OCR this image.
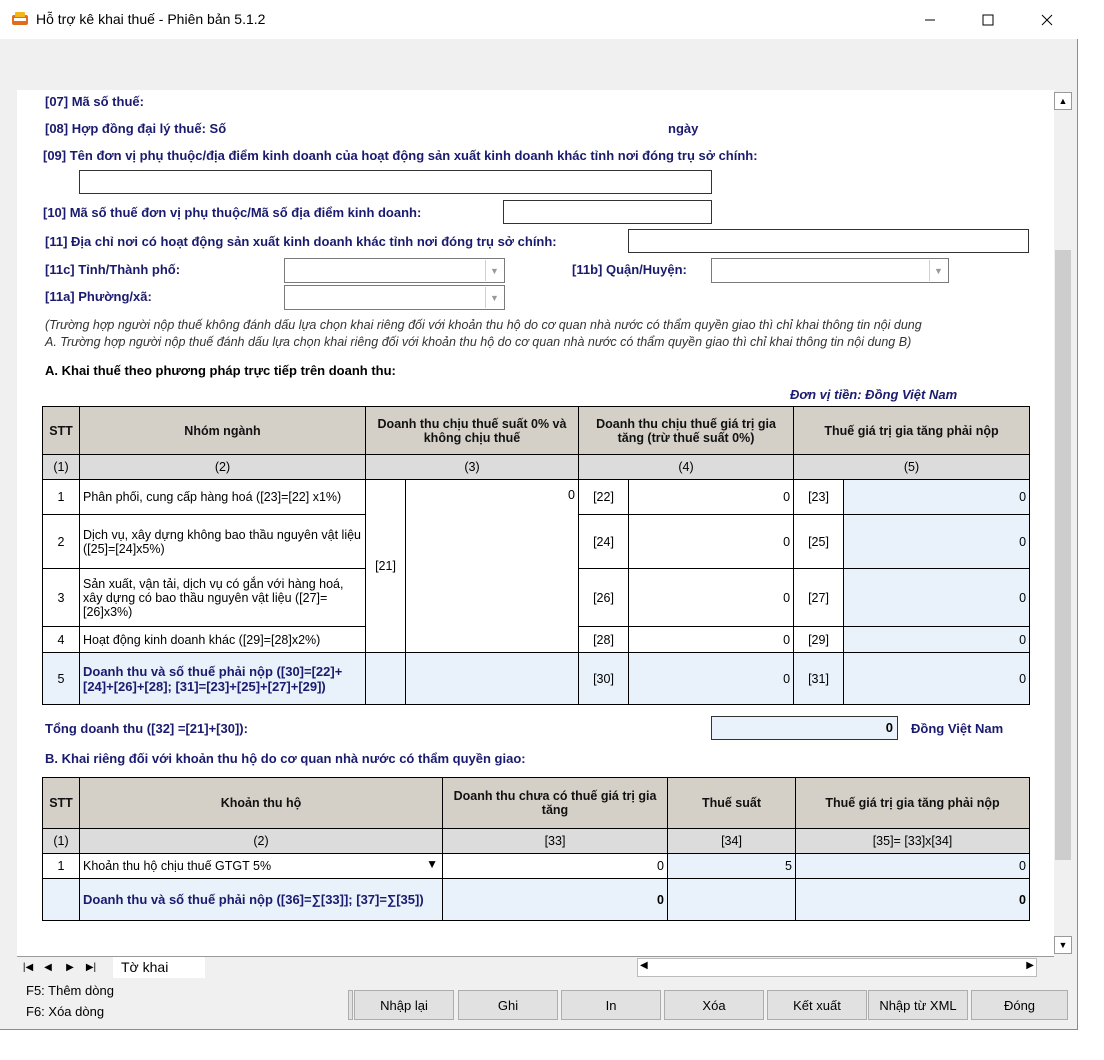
Hỗ trợ kê khai thuế - Phiên bản 5.1.2
[07] Mã số thuế:
[08] Hợp đồng đại lý thuế: Số	ngày
[09] Tên đơn vị phụ thuộc/địa điểm kinh doanh của hoạt động sản xuất kinh doanh khác tỉnh nơi đóng trụ sở chính:
[10] Mã số thuế đơn vị phụ thuộc/Mã số địa điểm kinh doanh:
[11] Địa chỉ nơi có hoạt động sản xuất kinh doanh khác tỉnh nơi đóng trụ sở chính:
[11c] Tỉnh/Thành phố:	▼	[11b] Quận/Huyện:	▼
[11a] Phường/xã:	▼
(Trường hợp người nộp thuế không đánh dấu lựa chọn khai riêng đối với khoản thu hộ do cơ quan nhà nước có thẩm quyền giao thì chỉ khai thông tin nội dung
A. Trường hợp người nộp thuế đánh dấu lựa chọn khai riêng đối với khoản thu hộ do cơ quan nhà nước có thẩm quyền giao thì chỉ khai thông tin nội dung B)
A. Khai thuế theo phương pháp trực tiếp trên doanh thu:
Đơn vị tiền: Đồng Việt Nam
STT	Nhóm ngành	Doanh thu chịu thuế suất 0% và không chịu thuế		Doanh thu chịu thuế giá trị gia tăng (trừ thuế suất 0%)		Thuế giá trị gia tăng phải nộp	
(1)	(2)	(3)		(4)		(5)	
1	Phân phối, cung cấp hàng hoá ([23]=[22] x1%)	[21]	0	[22]	0	[23]	0
2	Dịch vụ, xây dựng không bao thầu nguyên vật liệu ([25]=[24]x5%)			[24]	0	[25]	0
3	Sản xuất, vận tải, dịch vụ có gắn với hàng hoá, xây dựng có bao thầu nguyên vật liệu ([27]=[26]x3%)			[26]	0	[27]	0
4	Hoạt động kinh doanh khác ([29]=[28]x2%)			[28]	0	[29]	0
5	Doanh thu và số thuế phải nộp ([30]=[22]+[24]+[26]+[28]; [31]=[23]+[25]+[27]+[29])			[30]	0	[31]	0
Tổng doanh thu ([32] =[21]+[30]):	0	Đồng Việt Nam
B. Khai riêng đối với khoản thu hộ do cơ quan nhà nước có thẩm quyền giao:
STT	Khoản thu hộ	Doanh thu chưa có thuế giá trị gia tăng	Thuế suất	Thuế giá trị gia tăng phải nộp
(1)	(2)	[33]	[34]	[35]= [33]x[34]
1	Khoản thu hộ chịu thuế GTGT 5% ▼	0	5	0
	Doanh thu và số thuế phải nộp ([36]=∑[33]]; [37]=∑[35])	0		0
▲
▼
|◀	◀	▶	▶|	Tờ khai	◀	▶
F5: Thêm dòng
F6: Xóa dòng	Nhập lại	Ghi	In	Xóa	Kết xuất	Nhập từ XML	Đóng
